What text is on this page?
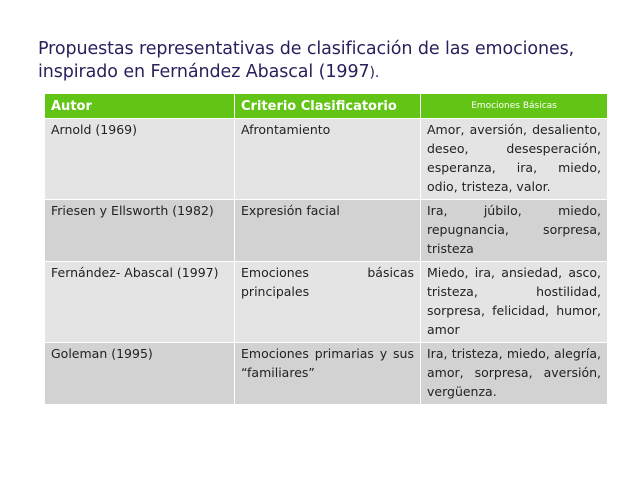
Propuestas representativas de clasificación de las emociones,
inspirado en Fernández Abascal (1997).
Autor	Criterio Clasificatorio	Emociones Básicas
Arnold (1969)	Afrontamiento	Amor, aversión, desaliento, deseo, desesperación, esperanza, ira, miedo, odio, tristeza, valor.
Friesen y Ellsworth (1982)	Expresión facial	Ira, júbilo, miedo, repugnancia, sorpresa, tristeza
Fernández- Abascal (1997)	Emociones básicas principales	Miedo, ira, ansiedad, asco, tristeza, hostilidad, sorpresa, felicidad, humor, amor
Goleman (1995)	Emociones primarias y sus “familiares”	Ira, tristeza, miedo, alegría, amor, sorpresa, aversión, vergüenza.
